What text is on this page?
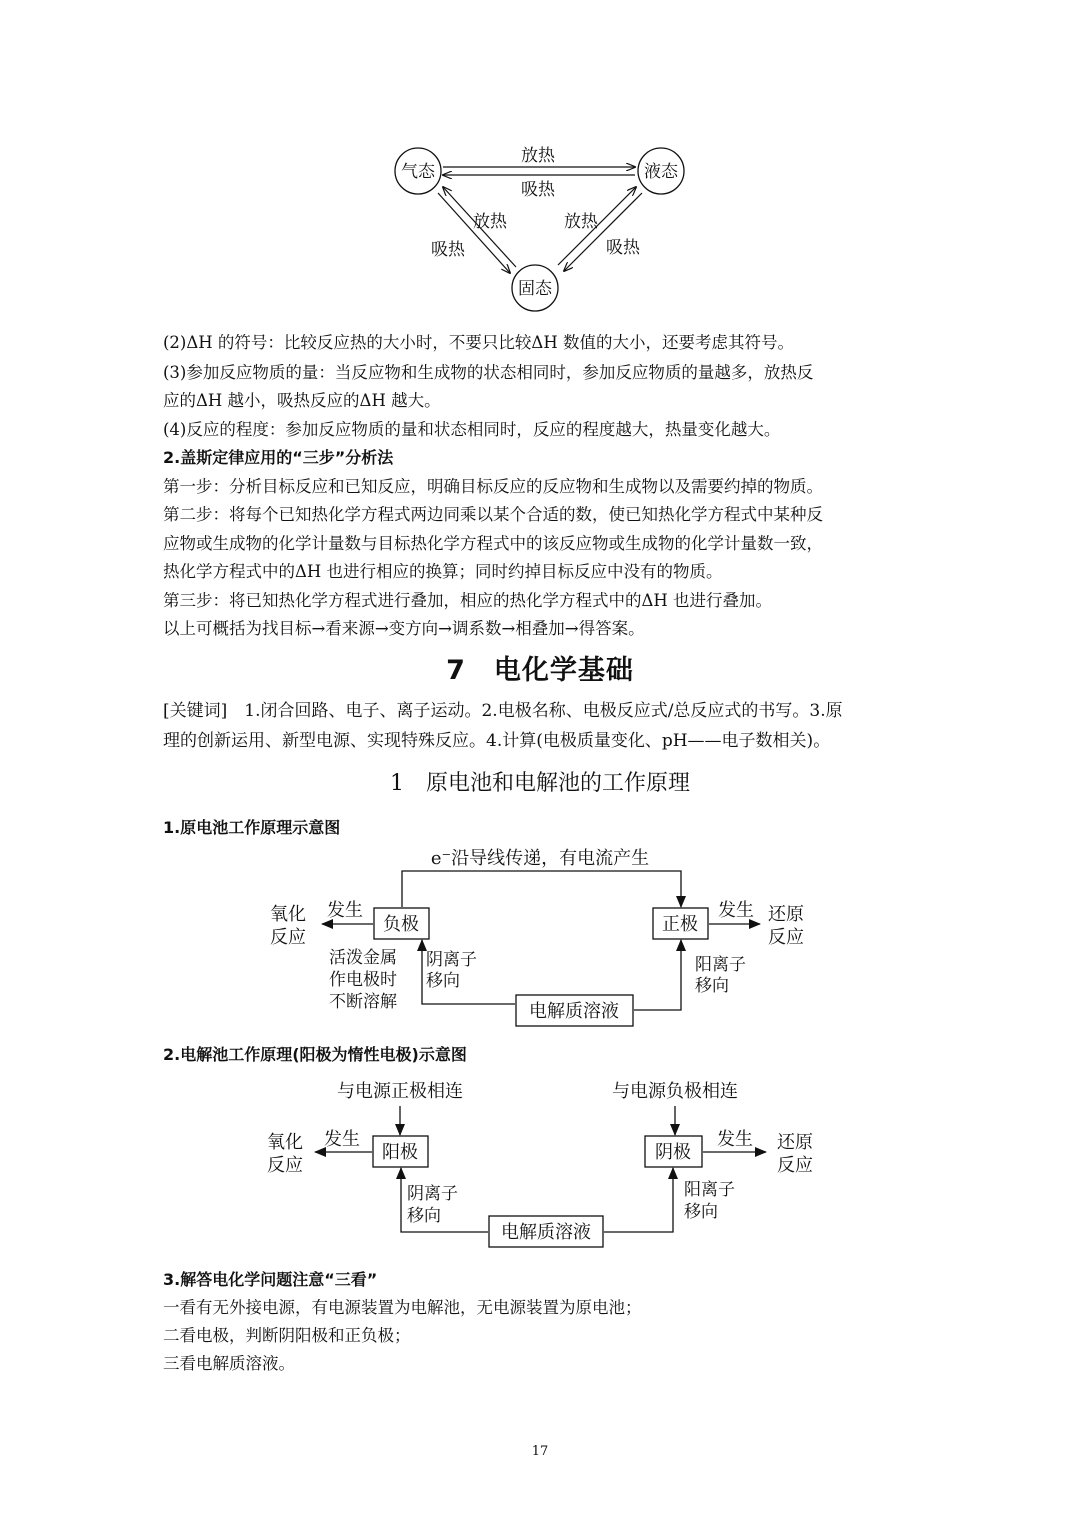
气态	液态
固态
放热
吸热
放热
吸热
放热
吸热
(2)ΔH 的符号：比较反应热的大小时，不要只比较ΔH 数值的大小，还要考虑其符号。
(3)参加反应物质的量：当反应物和生成物的状态相同时，参加反应物质的量越多，放热反
应的ΔH 越小，吸热反应的ΔH 越大。
(4)反应的程度：参加反应物质的量和状态相同时，反应的程度越大，热量变化越大。
2.盖斯定律应用的“三步”分析法
第一步：分析目标反应和已知反应，明确目标反应的反应物和生成物以及需要约掉的物质。
第二步：将每个已知热化学方程式两边同乘以某个合适的数，使已知热化学方程式中某种反
应物或生成物的化学计量数与目标热化学方程式中的该反应物或生成物的化学计量数一致，
热化学方程式中的ΔH 也进行相应的换算；同时约掉目标反应中没有的物质。
第三步：将已知热化学方程式进行叠加，相应的热化学方程式中的ΔH 也进行叠加。
以上可概括为找目标→看来源→变方向→调系数→相叠加→得答案。
7　电化学基础
[关键词]　1.闭合回路、电子、离子运动。2.电极名称、电极反应式/总反应式的书写。3.原
理的创新运用、新型电源、实现特殊反应。4.计算(电极质量变化、pH——电子数相关)。
1　原电池和电解池的工作原理
1.原电池工作原理示意图
e⁻沿导线传递，有电流产生
负极	正极
发生
氧化
反应
发生 还原
反应
活泼金属
作电极时
不断溶解	电解质溶液
阴离子
移向
阳离子
移向
2.电解池工作原理(阳极为惰性电极)示意图
与电源正极相连	与电源负极相连
阳极	阴极
发生
氧化
反应
发生 还原
反应
电解质溶液
阴离子
移向
阳离子
移向
3.解答电化学问题注意“三看”
一看有无外接电源，有电源装置为电解池，无电源装置为原电池；
二看电极，判断阴阳极和正负极；
三看电解质溶液。
17
